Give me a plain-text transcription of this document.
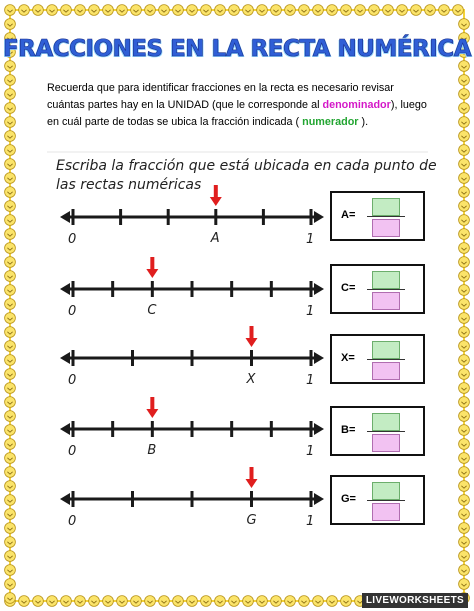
FRACCIONES EN LA RECTA NUMÉRICA
Recuerda que para identificar fracciones en la recta es necesario revisar cuántas partes hay en la UNIDAD (que le corresponde al denominador), luego en cuál parte de todas se ubica la fracción indicada ( numerador ).
Escriba la fracción que está ubicada en cada punto de
las rectas numéricas
0	1
A
0	1
C
0	1
X
0	1
B
0	1
G
A=
C=
X=
B=
G=
LIVEWORKSHEETS
